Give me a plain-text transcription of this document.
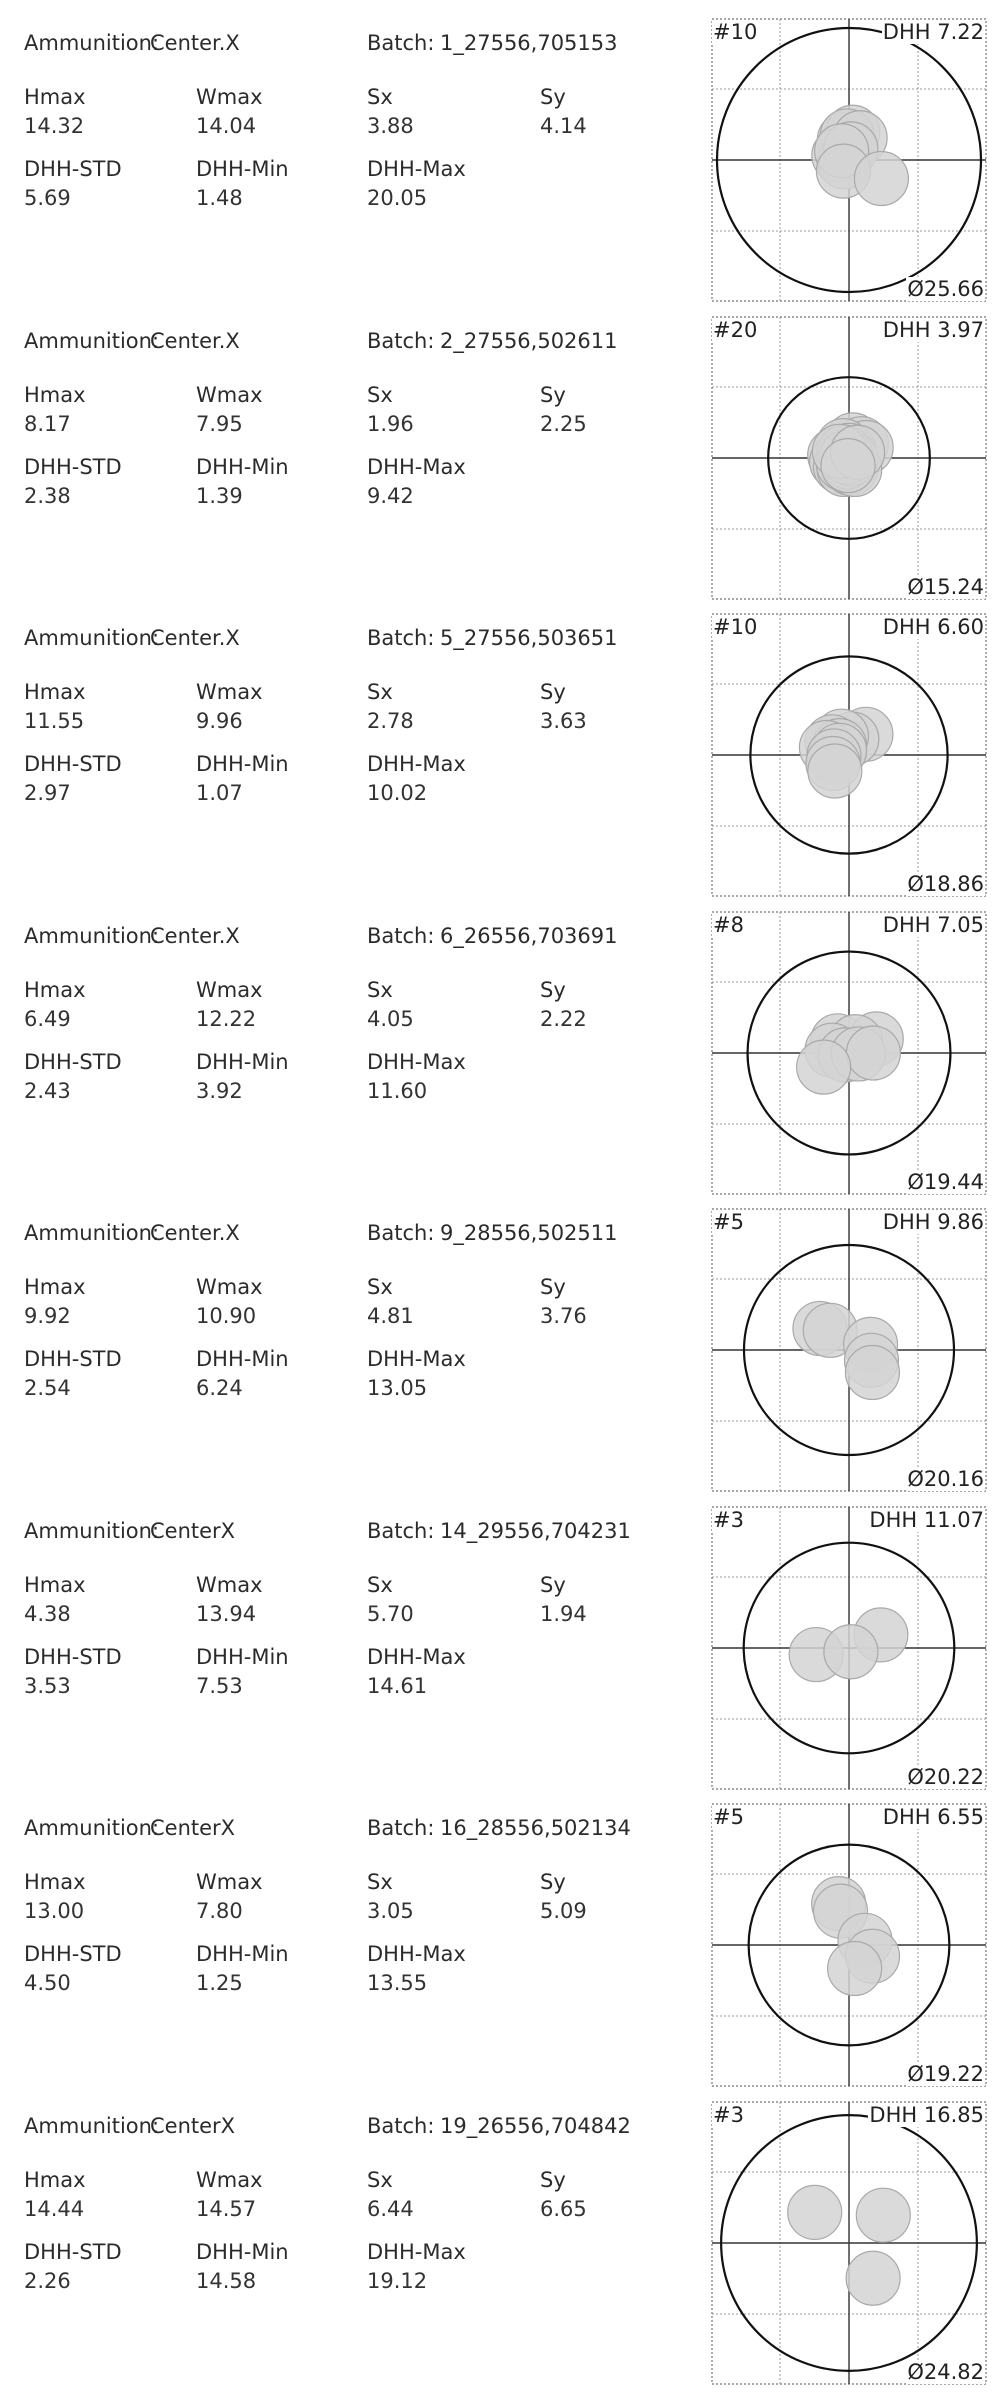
Ammunition:
Center.X	Batch: 1_27556,705153
Hmax	Wmax	Sx	Sy
14.32	14.04	3.88	4.14
DHH-STD	DHH-Min	DHH-Max
5.69	1.48	20.05
#10	DHH 7.22
Ø25.66
Ammunition:
Center.X	Batch: 2_27556,502611
Hmax	Wmax	Sx	Sy
8.17	7.95	1.96	2.25
DHH-STD	DHH-Min	DHH-Max
2.38	1.39	9.42
#20	DHH 3.97
Ø15.24
Ammunition:
Center.X	Batch: 5_27556,503651
Hmax	Wmax	Sx	Sy
11.55	9.96	2.78	3.63
DHH-STD	DHH-Min	DHH-Max
2.97	1.07	10.02
#10	DHH 6.60
Ø18.86
Ammunition:
Center.X	Batch: 6_26556,703691
Hmax	Wmax	Sx	Sy
6.49	12.22	4.05	2.22
DHH-STD	DHH-Min	DHH-Max
2.43	3.92	11.60
#8	DHH 7.05
Ø19.44
Ammunition:
Center.X	Batch: 9_28556,502511
Hmax	Wmax	Sx	Sy
9.92	10.90	4.81	3.76
DHH-STD	DHH-Min	DHH-Max
2.54	6.24	13.05
#5	DHH 9.86
Ø20.16
Ammunition:
CenterX	Batch: 14_29556,704231
Hmax	Wmax	Sx	Sy
4.38	13.94	5.70	1.94
DHH-STD	DHH-Min	DHH-Max
3.53	7.53	14.61
#3	DHH 11.07
Ø20.22
Ammunition:
CenterX	Batch: 16_28556,502134
Hmax	Wmax	Sx	Sy
13.00	7.80	3.05	5.09
DHH-STD	DHH-Min	DHH-Max
4.50	1.25	13.55
#5	DHH 6.55
Ø19.22
Ammunition:
CenterX	Batch: 19_26556,704842
Hmax	Wmax	Sx	Sy
14.44	14.57	6.44	6.65
DHH-STD	DHH-Min	DHH-Max
2.26	14.58	19.12
#3	DHH 16.85
Ø24.82
